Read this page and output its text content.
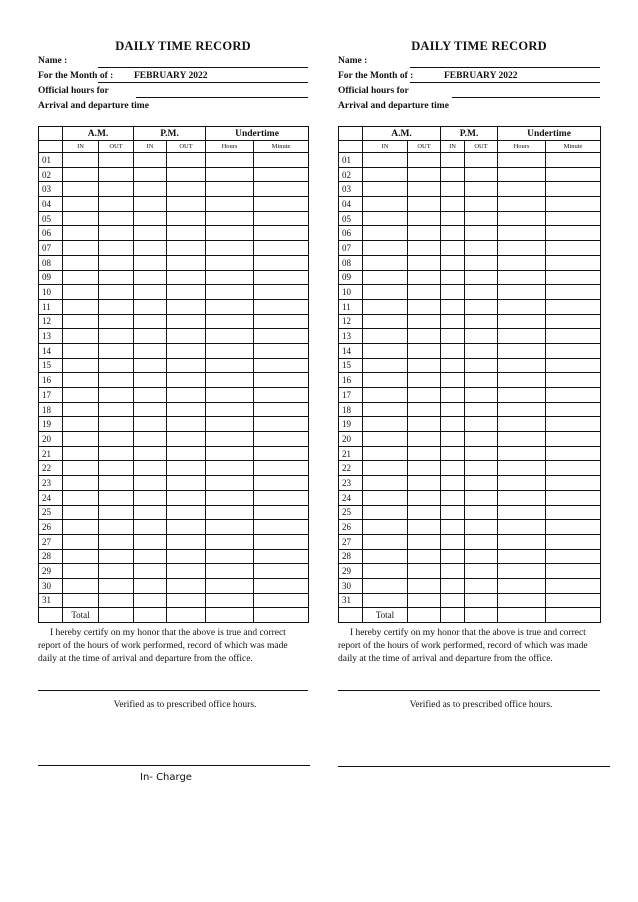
DAILY TIME RECORD
Name :
For the Month of : FEBRUARY 2022
Official hours for
Arrival and departure time
	A.M.		P.M.		Undertime	
	IN	OUT	IN	OUT	Hours	Minute
01						
02						
03						
04						
05						
06						
07						
08						
09						
10						
11						
12						
13						
14						
15						
16						
17						
18						
19						
20						
21						
22						
23						
24						
25						
26						
27						
28						
29						
30						
31						
	Total					
I hereby certify on my honor that the above is true and correct report of the hours of work performed, record of which was made daily at the time of arrival and departure from the office.
Verified as to prescribed office hours.
DAILY TIME RECORD
Name :
For the Month of :	FEBRUARY 2022
Official hours for
Arrival and departure time
	A.M.		P.M.		Undertime	
	IN	OUT	IN	OUT	Hours	Minute
01						
02						
03						
04						
05						
06						
07						
08						
09						
10						
11						
12						
13						
14						
15						
16						
17						
18						
19						
20						
21						
22						
23						
24						
25						
26						
27						
28						
29						
30						
31						
	Total					
I hereby certify on my honor that the above is true and correct report of the hours of work performed, record of which was made daily at the time of arrival and departure from the office.
Verified as to prescribed office hours.
In- Charge
